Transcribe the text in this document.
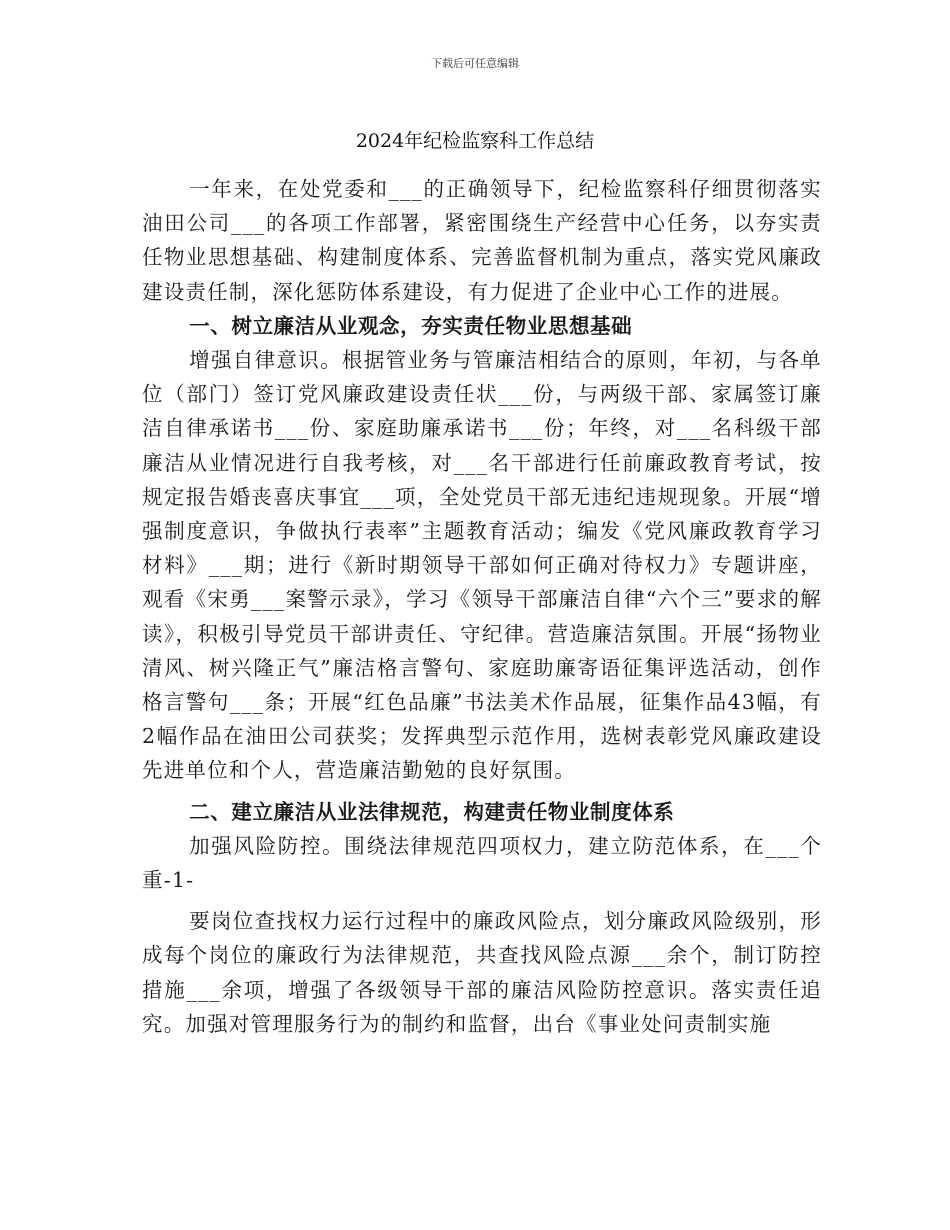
下载后可任意编辑
2024年纪检监察科工作总结

一年来，在处党委和___的正确领导下，纪检监察科仔细贯彻落实油田公司___的各项工作部署，紧密围绕生产经营中心任务，以夯实责任物业思想基础、构建制度体系、完善监督机制为重点，落实党风廉政建设责任制，深化惩防体系建设，有力促进了企业中心工作的进展。

一、树立廉洁从业观念，夯实责任物业思想基础

增强自律意识。根据管业务与管廉洁相结合的原则，年初，与各单位（部门）签订党风廉政建设责任状___份，与两级干部、家属签订廉洁自律承诺书___份、家庭助廉承诺书___份；年终，对___名科级干部廉洁从业情况进行自我考核，对___名干部进行任前廉政教育考试，按规定报告婚丧喜庆事宜___项，全处党员干部无违纪违规现象。开展“增强制度意识，争做执行表率”主题教育活动；编发《党风廉政教育学习材料》___期；进行《新时期领导干部如何正确对待权力》专题讲座，观看《宋勇___案警示录》，学习《领导干部廉洁自律“六个三”要求的解读》，积极引导党员干部讲责任、守纪律。营造廉洁氛围。开展“扬物业清风、树兴隆正气”廉洁格言警句、家庭助廉寄语征集评选活动，创作格言警句___条；开展“红色品廉”书法美术作品展，征集作品43幅，有2幅作品在油田公司获奖；发挥典型示范作用，选树表彰党风廉政建设先进单位和个人，营造廉洁勤勉的良好氛围。

二、建立廉洁从业法律规范，构建责任物业制度体系

加强风险防控。围绕法律规范四项权力，建立防范体系，在___个重-1-

要岗位查找权力运行过程中的廉政风险点，划分廉政风险级别，形成每个岗位的廉政行为法律规范，共查找风险点源___余个，制订防控措施___余项，增强了各级领导干部的廉洁风险防控意识。落实责任追究。加强对管理服务行为的制约和监督，出台《事业处问责制实施
